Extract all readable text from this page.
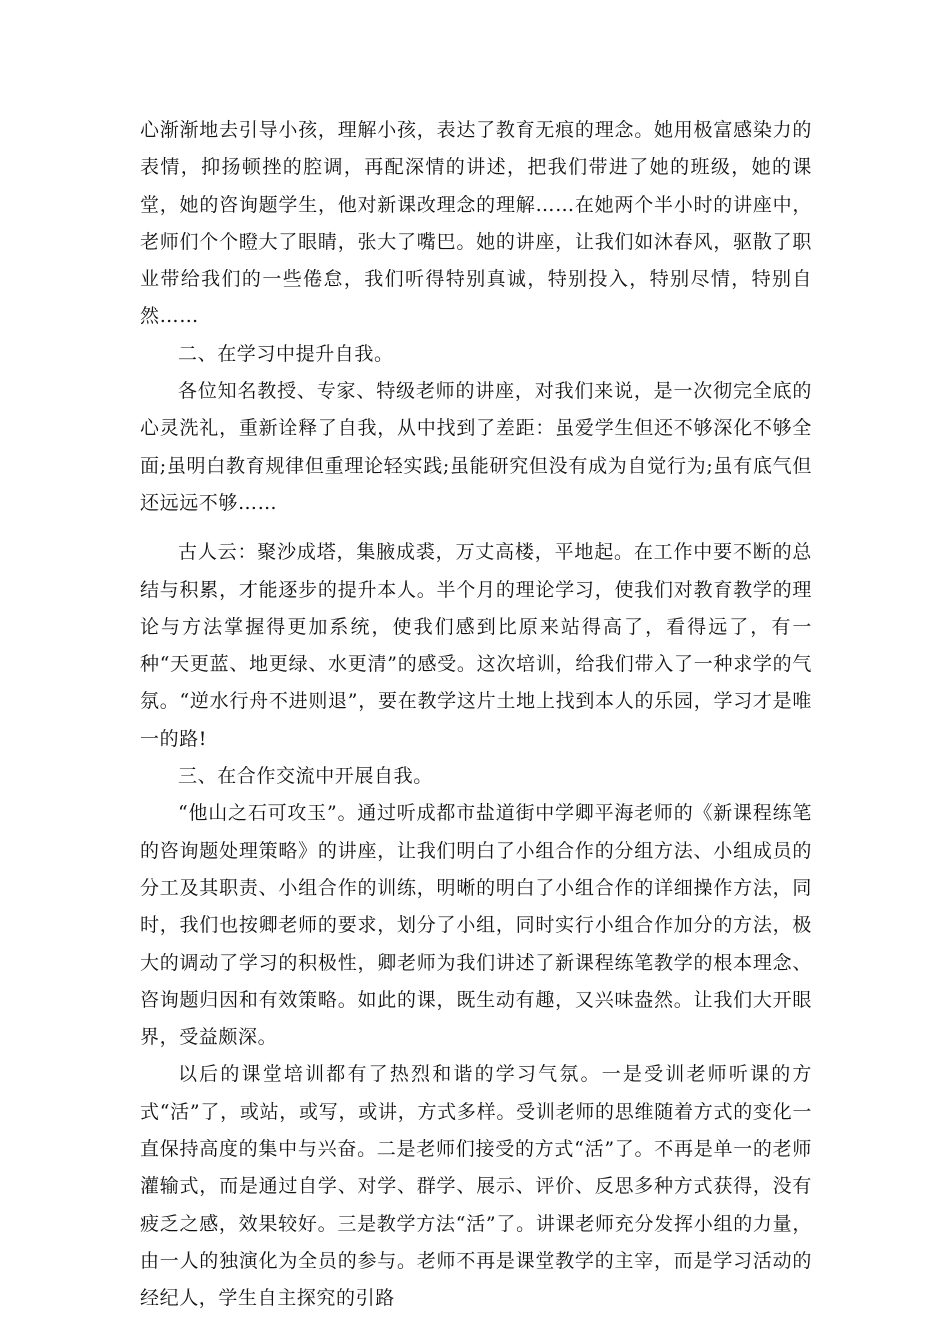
心渐渐地去引导小孩，理解小孩，表达了教育无痕的理念。她用极富感染力的表情，抑扬顿挫的腔调，再配深情的讲述，把我们带进了她的班级，她的课堂，她的咨询题学生，他对新课改理念的理解……在她两个半小时的讲座中，老师们个个瞪大了眼睛，张大了嘴巴。她的讲座，让我们如沐春风，驱散了职业带给我们的一些倦怠，我们听得特别真诚，特别投入，特别尽情，特别自然……

二、在学习中提升自我。

各位知名教授、专家、特级老师的讲座，对我们来说，是一次彻完全底的心灵洗礼，重新诠释了自我，从中找到了差距：虽爱学生但还不够深化不够全面;虽明白教育规律但重理论轻实践;虽能研究但没有成为自觉行为;虽有底气但还远远不够……

古人云：聚沙成塔，集腋成裘，万丈高楼，平地起。在工作中要不断的总结与积累，才能逐步的提升本人。半个月的理论学习，使我们对教育教学的理论与方法掌握得更加系统，使我们感到比原来站得高了，看得远了，有一种“天更蓝、地更绿、水更清”的感受。这次培训，给我们带入了一种求学的气氛。“逆水行舟不进则退”，要在教学这片土地上找到本人的乐园，学习才是唯一的路!

三、在合作交流中开展自我。

“他山之石可攻玉”。通过听成都市盐道街中学卿平海老师的《新课程练笔的咨询题处理策略》的讲座，让我们明白了小组合作的分组方法、小组成员的分工及其职责、小组合作的训练，明晰的明白了小组合作的详细操作方法，同时，我们也按卿老师的要求，划分了小组，同时实行小组合作加分的方法，极大的调动了学习的积极性，卿老师为我们讲述了新课程练笔教学的根本理念、咨询题归因和有效策略。如此的课，既生动有趣，又兴味盎然。让我们大开眼界，受益颇深。

以后的课堂培训都有了热烈和谐的学习气氛。一是受训老师听课的方式“活”了，或站，或写，或讲，方式多样。受训老师的思维随着方式的变化一直保持高度的集中与兴奋。二是老师们接受的方式“活”了。不再是单一的老师灌输式，而是通过自学、对学、群学、展示、评价、反思多种方式获得，没有疲乏之感，效果较好。三是教学方法“活”了。讲课老师充分发挥小组的力量，由一人的独演化为全员的参与。老师不再是课堂教学的主宰，而是学习活动的经纪人，学生自主探究的引路
